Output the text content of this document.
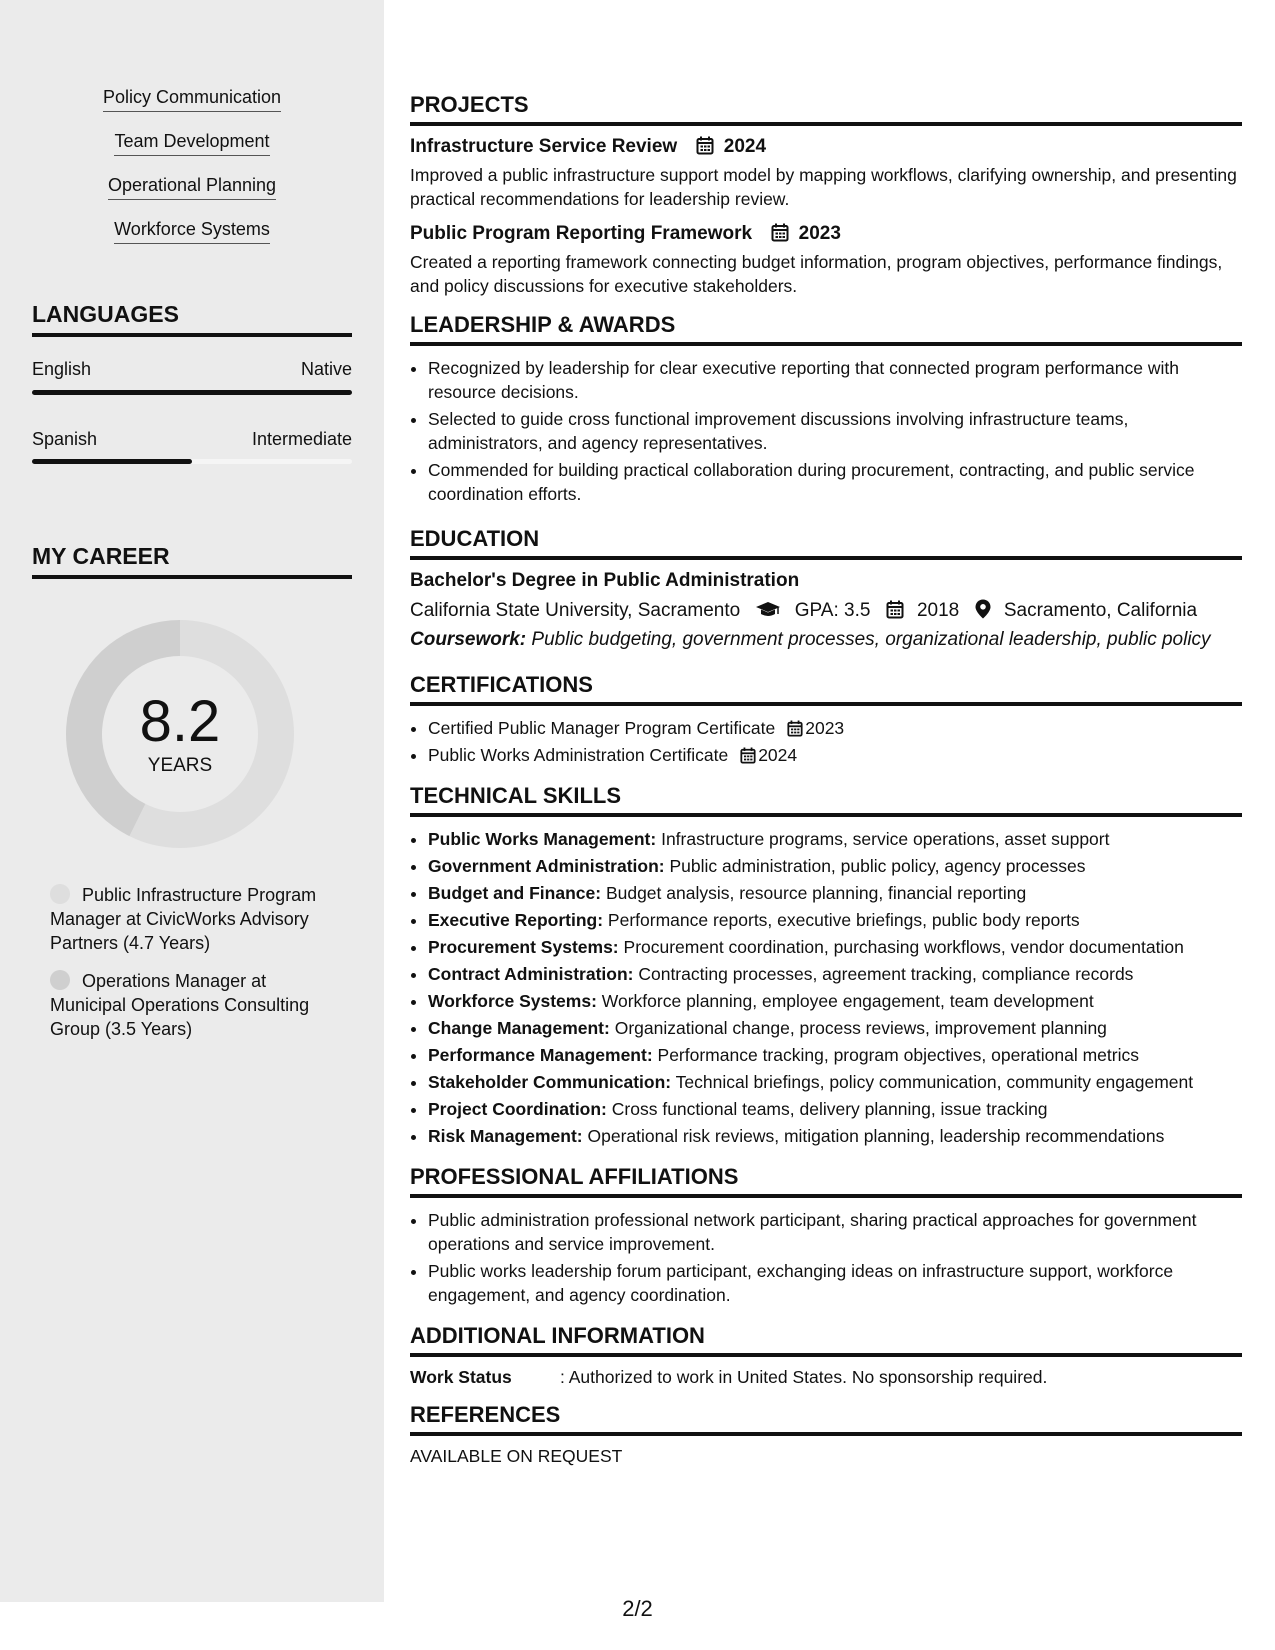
Policy Communication
Team Development
Operational Planning
Workforce Systems
LANGUAGES
English	Native
Spanish	Intermediate
MY CAREER
8.2
YEARS
Public Infrastructure Program Manager at CivicWorks Advisory Partners (4.7 Years)
Operations Manager at Municipal Operations Consulting Group (3.5 Years)
PROJECTS
Infrastructure Service Review 2024
Improved a public infrastructure support model by mapping workflows, clarifying ownership, and presenting practical recommendations for leadership review.
Public Program Reporting Framework 2023
Created a reporting framework connecting budget information, program objectives, performance findings, and policy discussions for executive stakeholders.
LEADERSHIP & AWARDS
• Recognized by leadership for clear executive reporting that connected program performance with resource decisions.
• Selected to guide cross functional improvement discussions involving infrastructure teams, administrators, and agency representatives.
• Commended for building practical collaboration during procurement, contracting, and public service coordination efforts.
EDUCATION
Bachelor's Degree in Public Administration
California State University, Sacramento	GPA: 3.5 2018 Sacramento, California
Coursework: Public budgeting, government processes, organizational leadership, public policy
CERTIFICATIONS
• Certified Public Manager Program Certificate 2023
• Public Works Administration Certificate 2024
TECHNICAL SKILLS
• Public Works Management: Infrastructure programs, service operations, asset support
• Government Administration: Public administration, public policy, agency processes
• Budget and Finance: Budget analysis, resource planning, financial reporting
• Executive Reporting: Performance reports, executive briefings, public body reports
• Procurement Systems: Procurement coordination, purchasing workflows, vendor documentation
• Contract Administration: Contracting processes, agreement tracking, compliance records
• Workforce Systems: Workforce planning, employee engagement, team development
• Change Management: Organizational change, process reviews, improvement planning
• Performance Management: Performance tracking, program objectives, operational metrics
• Stakeholder Communication: Technical briefings, policy communication, community engagement
• Project Coordination: Cross functional teams, delivery planning, issue tracking
• Risk Management: Operational risk reviews, mitigation planning, leadership recommendations
PROFESSIONAL AFFILIATIONS
• Public administration professional network participant, sharing practical approaches for government operations and service improvement.
• Public works leadership forum participant, exchanging ideas on infrastructure support, workforce engagement, and agency coordination.
ADDITIONAL INFORMATION
Work Status	: Authorized to work in United States. No sponsorship required.
REFERENCES
AVAILABLE ON REQUEST
2/2
